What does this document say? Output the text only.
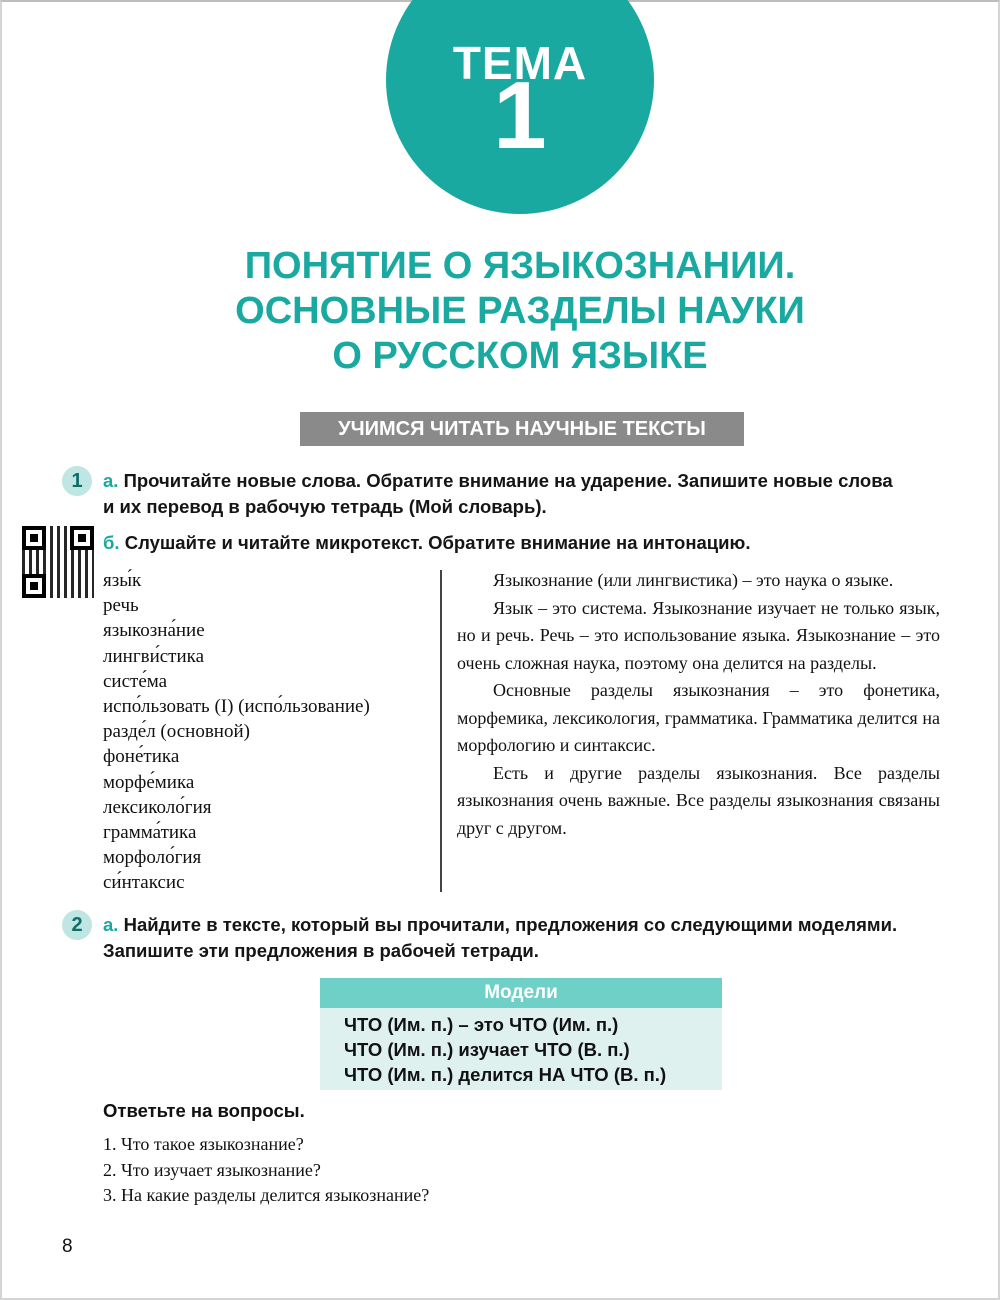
ТЕМА
1
ПОНЯТИЕ О ЯЗЫКОЗНАНИИ.
ОСНОВНЫЕ РАЗДЕЛЫ НАУКИ
О РУССКОМ ЯЗЫКЕ
УЧИМСЯ ЧИТАТЬ НАУЧНЫЕ ТЕКСТЫ
1	а. Прочитайте новые слова. Обратите внимание на ударение. Запишите новые слова
и их перевод в рабочую тетрадь (Мой словарь).
б. Слушайте и читайте микротекст. Обратите внимание на интонацию.
язы́к
речь
языкозна́ние
лингви́стика
систе́ма
испо́льзовать (I) (испо́льзование)
разде́л (основной)
фоне́тика
морфе́мика
лексиколо́гия
грамма́тика
морфоло́гия
си́нтаксис

Языкознание (или лингвистика) – это наука о языке.

Язык – это система. Языкознание изучает не только язык, но и речь. Речь – это использование языка. Языкознание – это очень сложная наука, поэтому она делится на разделы.

Основные разделы языкознания – это фонетика, морфемика, лексикология, грамматика. Грамматика делится на морфологию и синтаксис.

Есть и другие разделы языкознания. Все разделы языкознания очень важные. Все разделы языкознания связаны друг с другом.

2	а. Найдите в тексте, который вы прочитали, предложения со следующими моделями.
Запишите эти предложения в рабочей тетради.
Модели
ЧТО (Им. п.) – это ЧТО (Им. п.)
ЧТО (Им. п.) изучает ЧТО (В. п.)
ЧТО (Им. п.) делится НА ЧТО (В. п.)
Ответьте на вопросы.
1. Что такое языкознание?
2. Что изучает языкознание?
3. На какие разделы делится языкознание?
8
